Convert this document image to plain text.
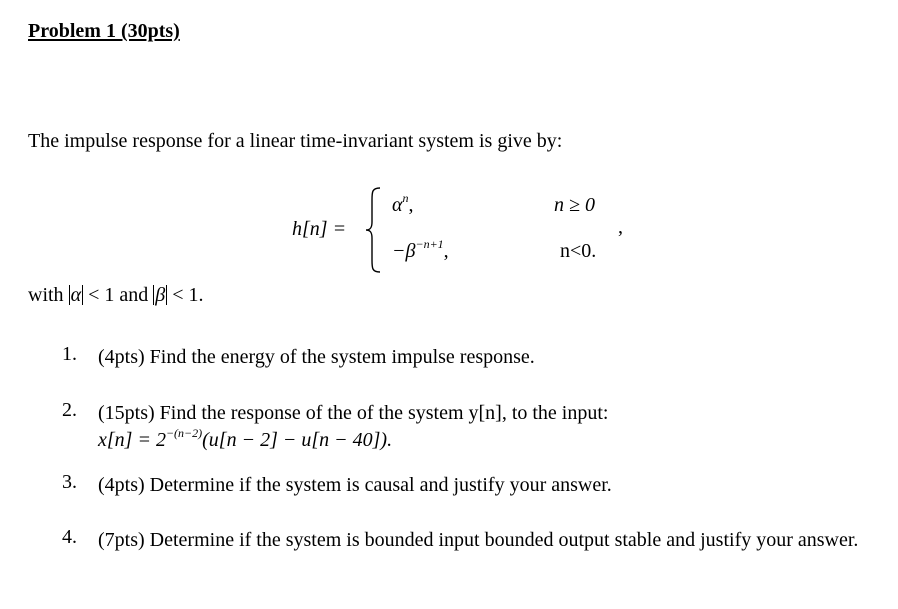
Problem 1 (30pts)

The impulse response for a linear time-invariant system is give by:

h[n] =
$\alpha^n$,
$-\beta^{-n+1}$,
n ≥ 0
n<0.
,

with α < 1 and β < 1.

1. (4pts) Find the energy of the system impulse response.
2. (15pts) Find the response of the of the system y[n], to the input:
$x[n] = 2^{-(n-2)}(u[n - 2] - u[n - 40])$.
3. (4pts) Determine if the system is causal and justify your answer.
4. (7pts) Determine if the system is bounded input bounded output stable and justify your answer.
